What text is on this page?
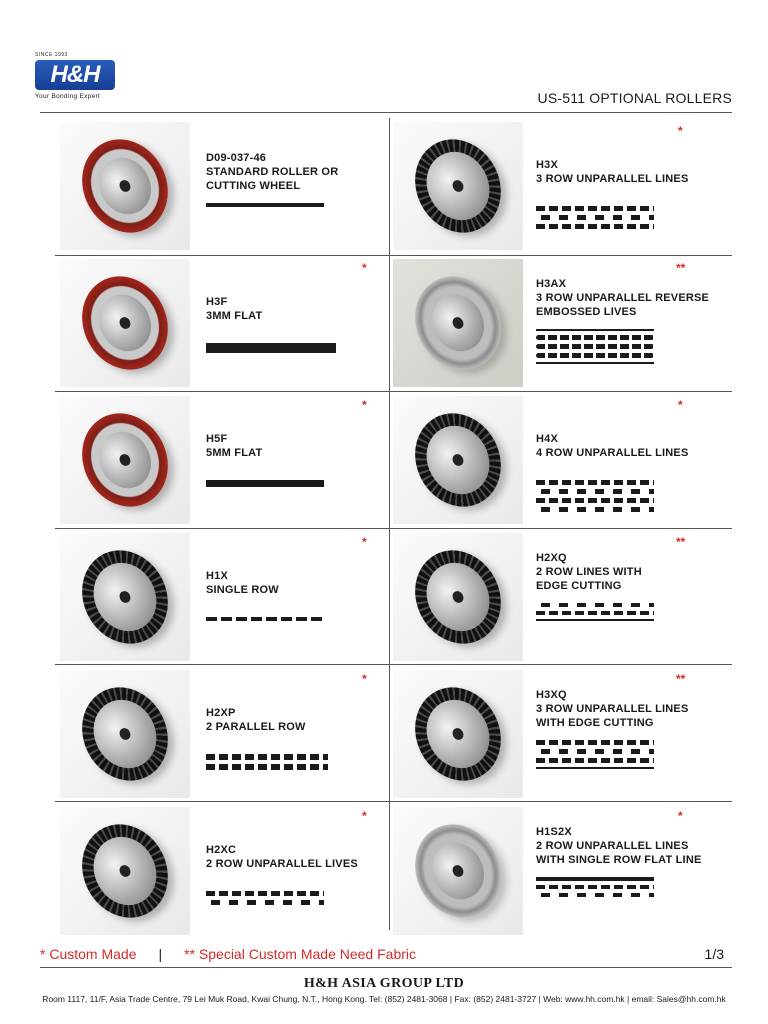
SINCE 1993
H&H
Your Bonding Expert	US-511 OPTIONAL ROLLERS
D09-037-46
STANDARD ROLLER OR
CUTTING WHEEL
H3X
3 ROW UNPARALLEL LINES
*
H3F
3MM FLAT
*
H3AX
3 ROW UNPARALLEL REVERSE
EMBOSSED LIVES
**
H5F
5MM FLAT
*
H4X
4 ROW UNPARALLEL LINES
*
H1X
SINGLE ROW
*
H2XQ
2 ROW LINES WITH
EDGE CUTTING
**
H2XP
2 PARALLEL ROW
*
H3XQ
3 ROW UNPARALLEL LINES
WITH EDGE CUTTING
**
H2XC
2 ROW UNPARALLEL LIVES
*
H1S2X
2 ROW UNPARALLEL LINES
WITH SINGLE ROW FLAT LINE
*
* Custom Made | ** Special Custom Made Need Fabric	1/3
H&H ASIA GROUP LTD
Room 1117, 11/F, Asia Trade Centre, 79 Lei Muk Road, Kwai Chung, N.T., Hong Kong. Tel: (852) 2481-3068 | Fax: (852) 2481-3727 | Web: www.hh.com.hk | email: Sales@hh.com.hk
